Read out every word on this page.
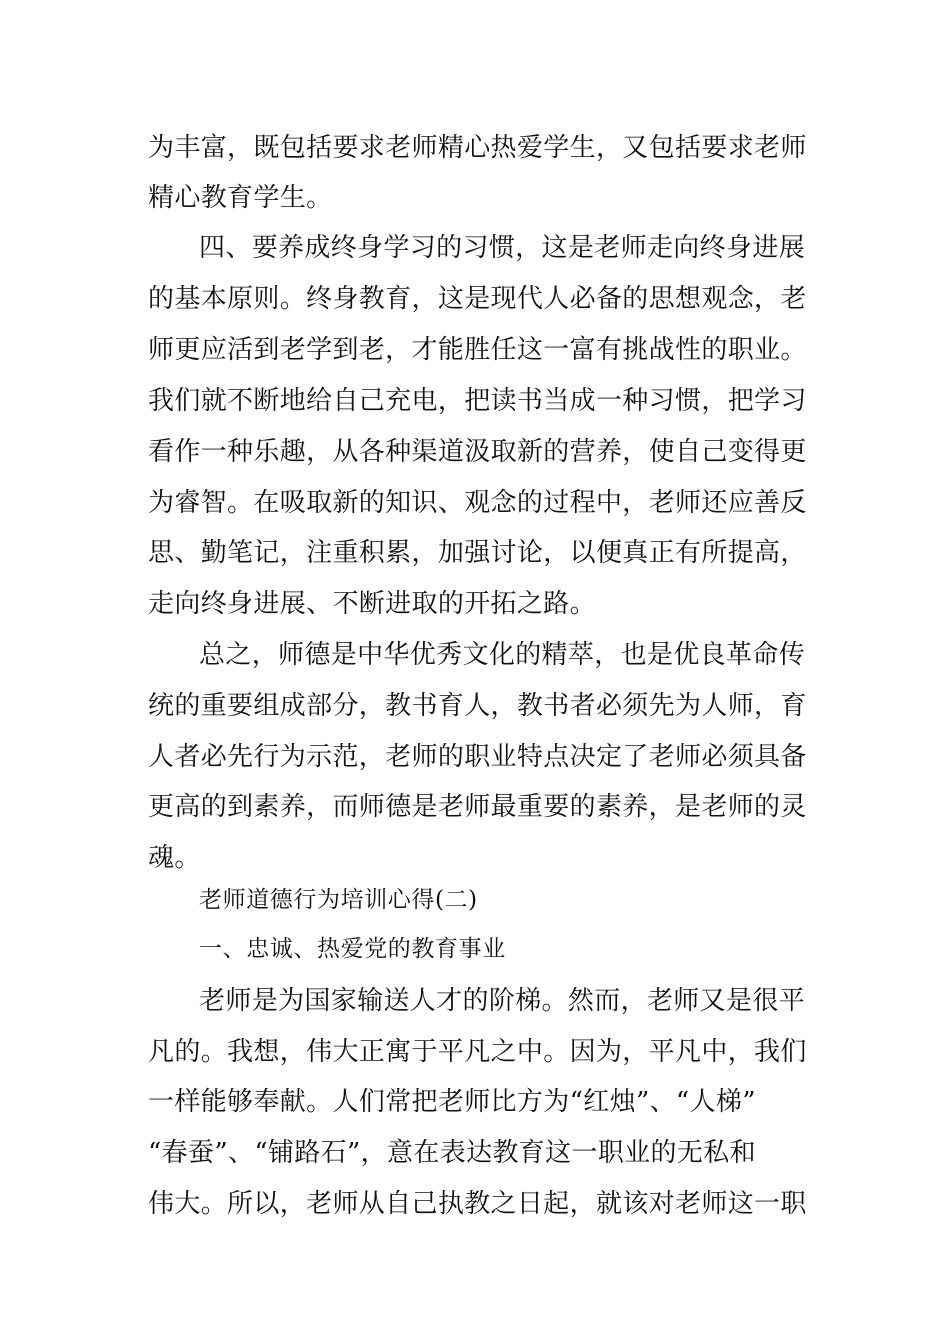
为丰富，既包括要求老师精心热爱学生，又包括要求老师
精心教育学生。
四、要养成终身学习的习惯，这是老师走向终身进展
的基本原则。终身教育，这是现代人必备的思想观念，老
师更应活到老学到老，才能胜任这一富有挑战性的职业。
我们就不断地给自己充电，把读书当成一种习惯，把学习
看作一种乐趣，从各种渠道汲取新的营养，使自己变得更
为睿智。在吸取新的知识、观念的过程中，老师还应善反
思、勤笔记，注重积累，加强讨论，以便真正有所提高，
走向终身进展、不断进取的开拓之路。
总之，师德是中华优秀文化的精萃，也是优良革命传
统的重要组成部分，教书育人，教书者必须先为人师，育
人者必先行为示范，老师的职业特点决定了老师必须具备
更高的到素养，而师德是老师最重要的素养，是老师的灵
魂。
老师道德行为培训心得(二)
一、忠诚、热爱党的教育事业
老师是为国家输送人才的阶梯。然而，老师又是很平
凡的。我想，伟大正寓于平凡之中。因为，平凡中，我们
一样能够奉献。人们常把老师比方为“红烛”、“人梯”
“春蚕”、“铺路石”，意在表达教育这一职业的无私和
伟大。所以，老师从自己执教之日起，就该对老师这一职
